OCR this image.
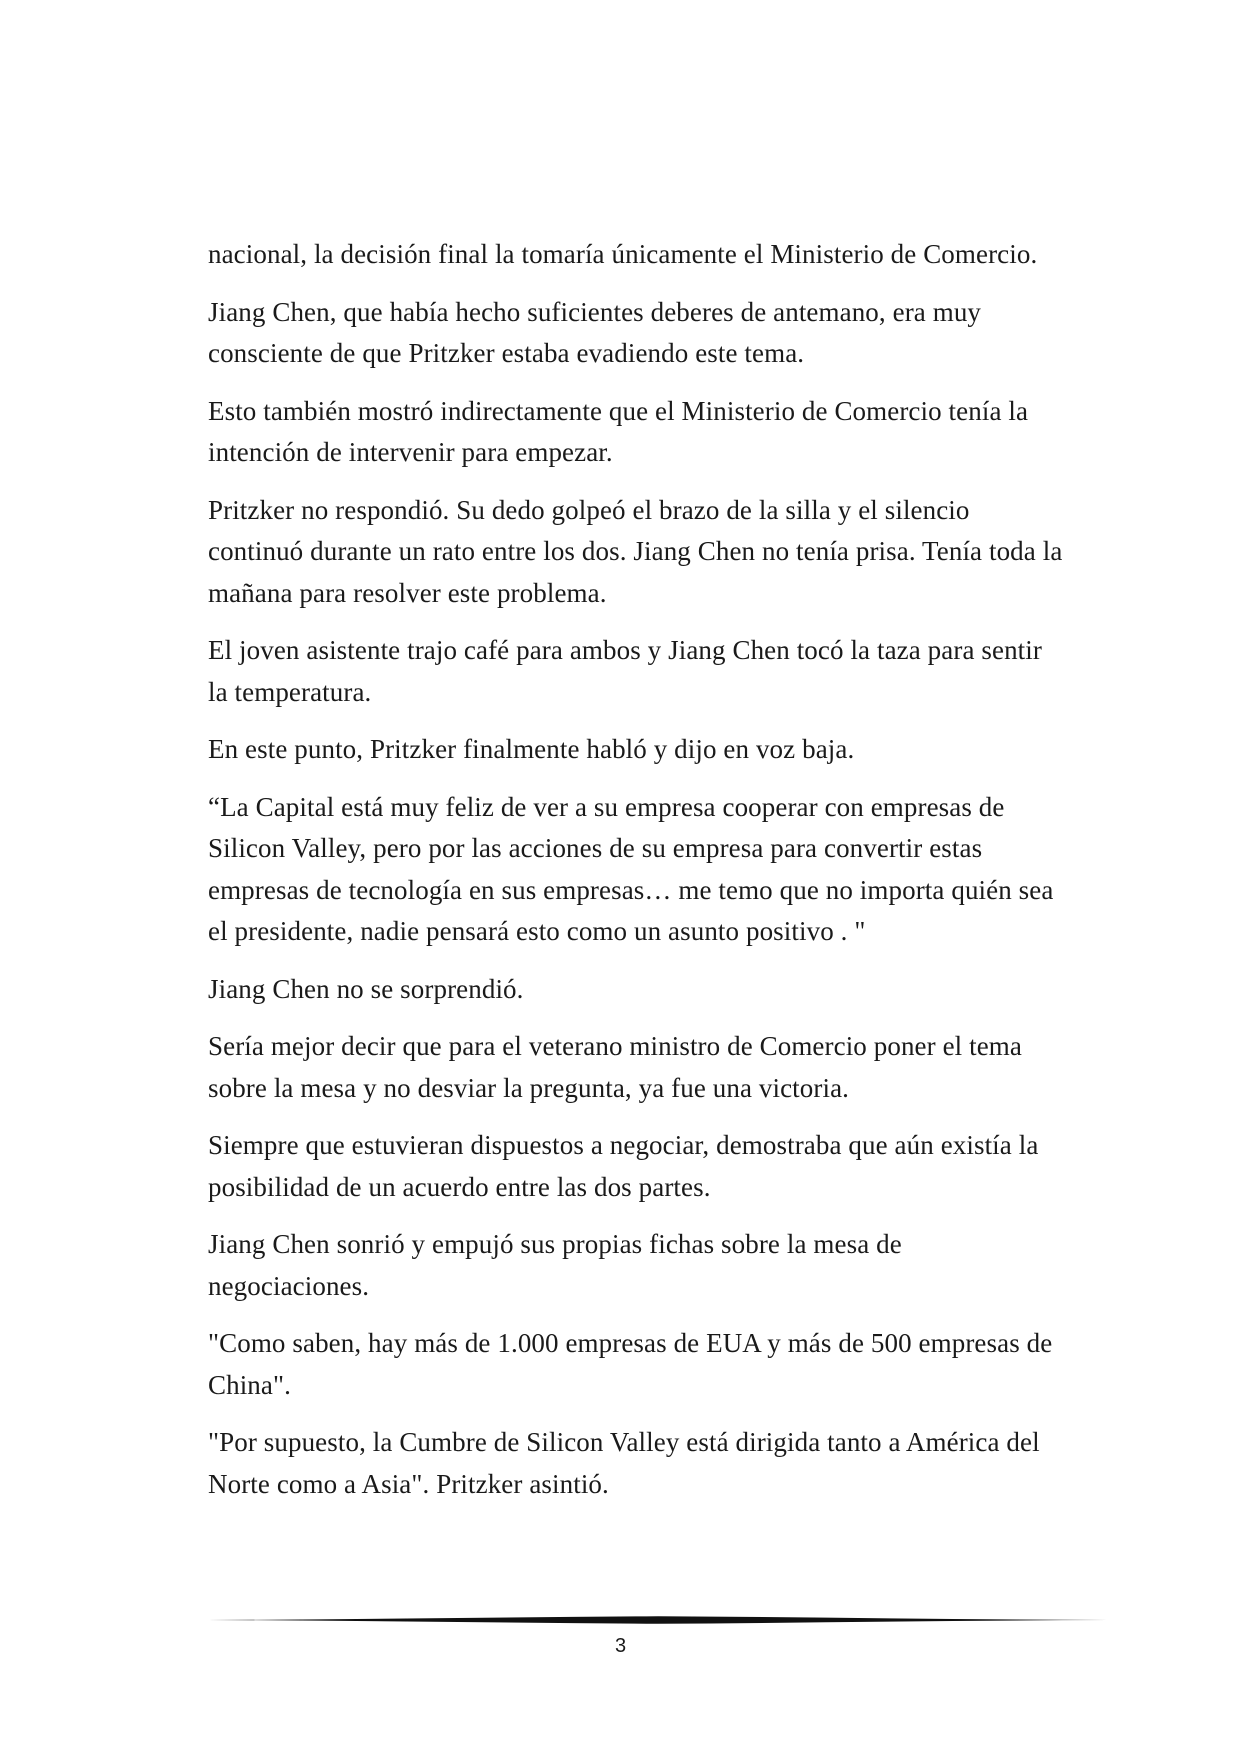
nacional, la decisión final la tomaría únicamente el Ministerio de Comercio.

Jiang Chen, que había hecho suficientes deberes de antemano, era muy consciente de que Pritzker estaba evadiendo este tema.

Esto también mostró indirectamente que el Ministerio de Comercio tenía la intención de intervenir para empezar.

Pritzker no respondió. Su dedo golpeó el brazo de la silla y el silencio continuó durante un rato entre los dos. Jiang Chen no tenía prisa. Tenía toda la mañana para resolver este problema.

El joven asistente trajo café para ambos y Jiang Chen tocó la taza para sentir la temperatura.

En este punto, Pritzker finalmente habló y dijo en voz baja.

“La Capital está muy feliz de ver a su empresa cooperar con empresas de Silicon Valley, pero por las acciones de su empresa para convertir estas empresas de tecnología en sus empresas… me temo que no importa quién sea el presidente, nadie pensará esto como un asunto positivo . "

Jiang Chen no se sorprendió.

Sería mejor decir que para el veterano ministro de Comercio poner el tema sobre la mesa y no desviar la pregunta, ya fue una victoria.

Siempre que estuvieran dispuestos a negociar, demostraba que aún existía la posibilidad de un acuerdo entre las dos partes.

Jiang Chen sonrió y empujó sus propias fichas sobre la mesa de negociaciones.

"Como saben, hay más de 1.000 empresas de EUA y más de 500 empresas de China".

"Por supuesto, la Cumbre de Silicon Valley está dirigida tanto a América del Norte como a Asia". Pritzker asintió.

3
